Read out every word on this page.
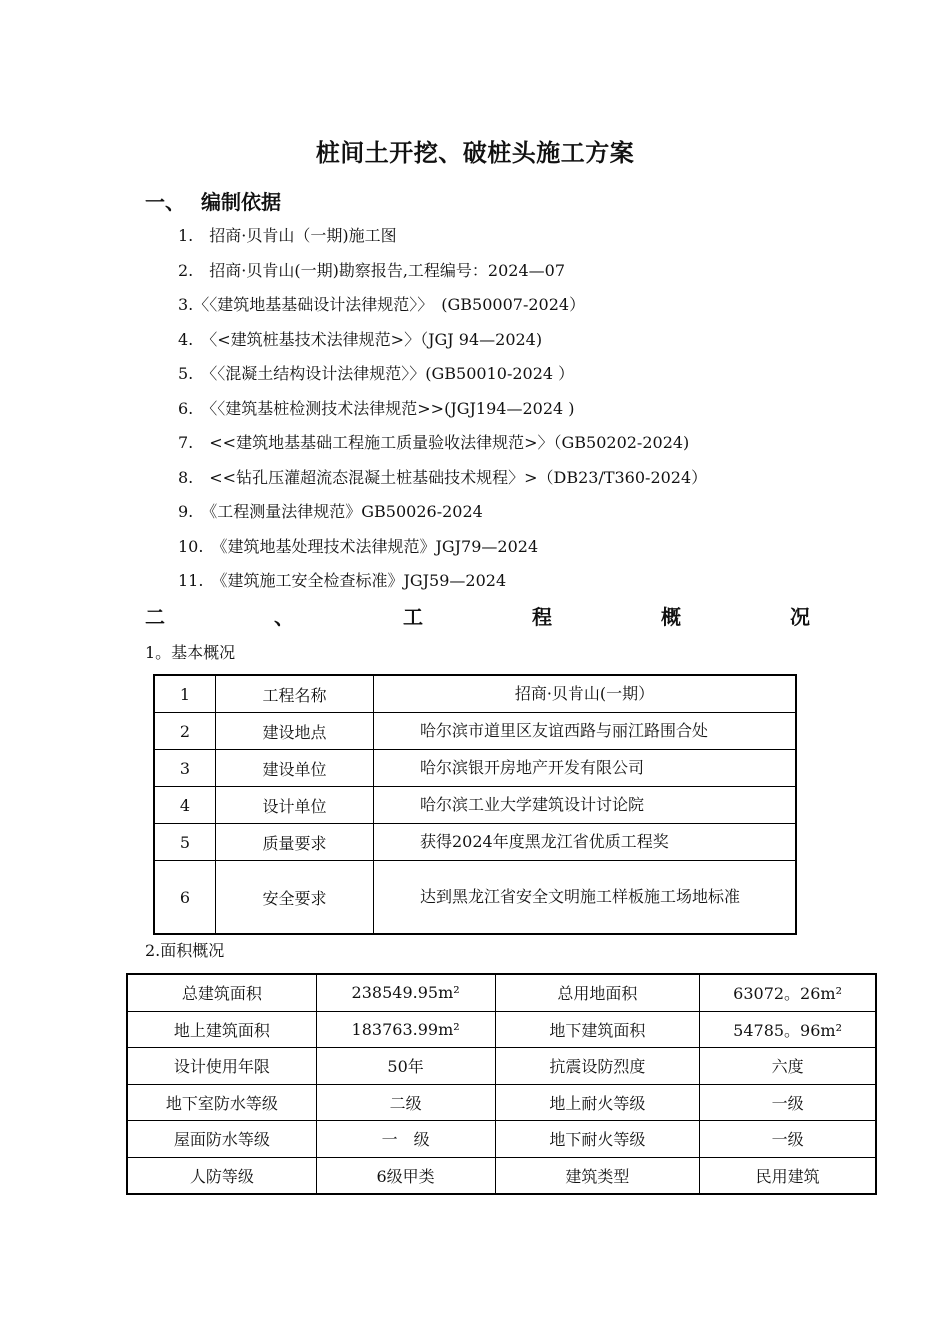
桩间土开挖、破桩头施工方案
一、 编制依据
1.　招商·贝肯山（一期)施工图
2.　招商·贝肯山(一期)勘察报告,工程编号：2024—07
3.〈〈建筑地基基础设计法律规范〉〉　(GB50007-2024）
4.　〈<建筑桩基技术法律规范>〉（JGJ 94—2024)
5.　〈〈混凝土结构设计法律规范〉〉(GB50010-2024 ）
6.　〈〈建筑基桩检测技术法律规范>>(JGJ194—2024 )
7.　<<建筑地基基础工程施工质量验收法律规范>〉（GB50202-2024)
8.　<<钻孔压灌超流态混凝土桩基础技术规程〉>（DB23/T360-2024）
9.　《工程测量法律规范》GB50026-2024
10.　《建筑地基处理技术法律规范》JGJ79—2024
11.　《建筑施工安全检查标准》JGJ59—2024
二	、	工	程	概	况
1。基本概况
1	工程名称	招商·贝肯山(一期）
2	建设地点	哈尔滨市道里区友谊西路与丽江路围合处
3	建设单位	哈尔滨银开房地产开发有限公司
4	设计单位	哈尔滨工业大学建筑设计讨论院
5	质量要求	获得2024年度黑龙江省优质工程奖
6	安全要求	达到黑龙江省安全文明施工样板施工场地标准
2.面积概况
总建筑面积	238549.95m²	总用地面积	63072。26m²
地上建筑面积	183763.99m²	地下建筑面积	54785。96m²
设计使用年限	50年	抗震设防烈度	六度
地下室防水等级	二级	地上耐火等级	一级
屋面防水等级	一　级	地下耐火等级	一级
人防等级	6级甲类	建筑类型	民用建筑
